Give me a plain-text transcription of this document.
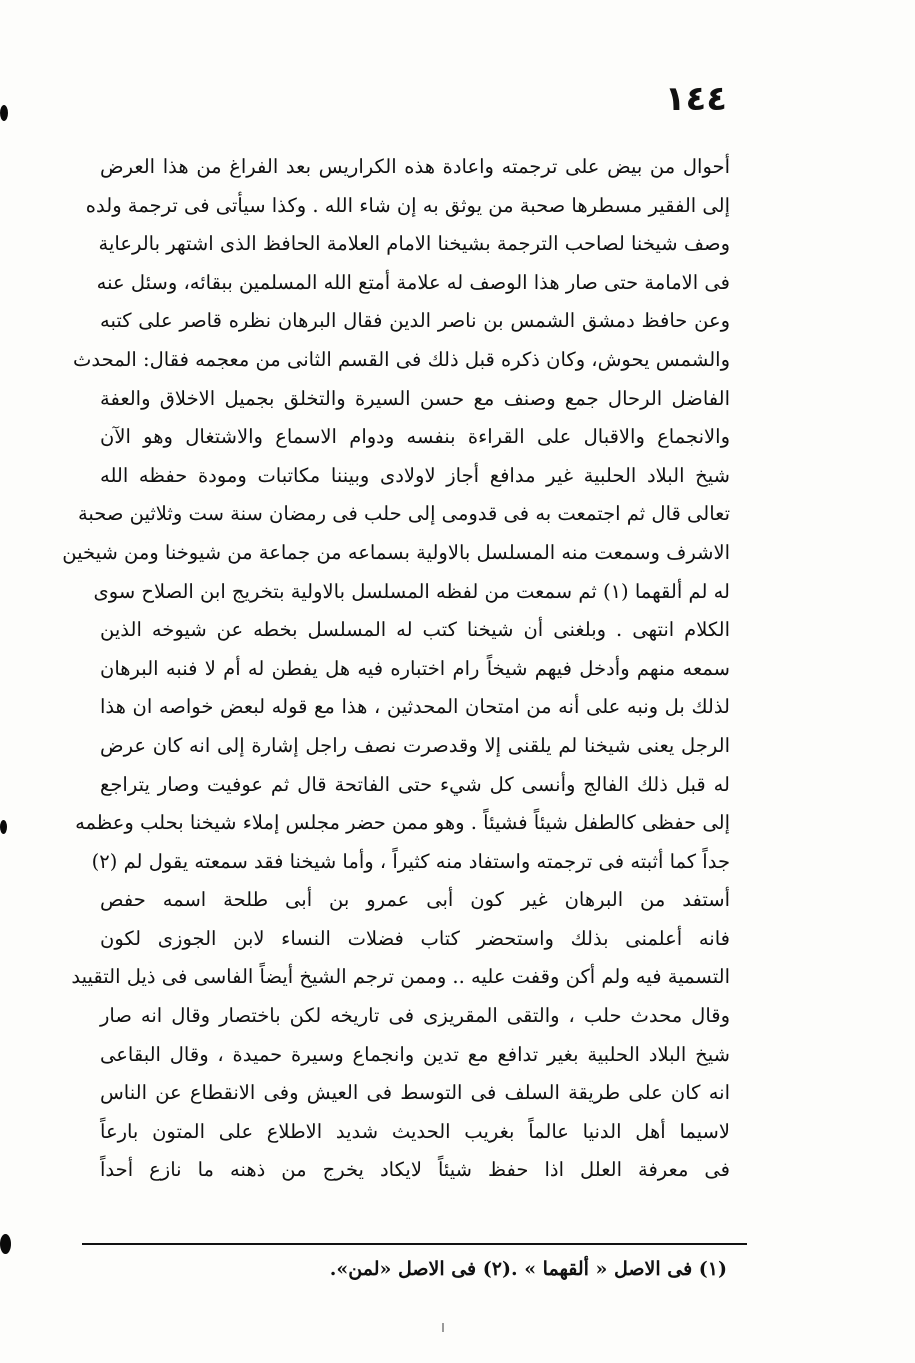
١٤٤
أحوال من بيض على ترجمته واعادة هذه الكراريس بعد الفراغ من هذا العرض
إلى الفقير مسطرها صحبة من يوثق به إن شاء الله . وكذا سيأتى فى ترجمة ولده
وصف شيخنا لصاحب الترجمة بشيخنا الامام العلامة الحافظ الذى اشتهر بالرعاية
فى الامامة حتى صار هذا الوصف له علامة أمتع الله المسلمين ببقائه، وسئل عنه
وعن حافظ دمشق الشمس بن ناصر الدين فقال البرهان نظره قاصر على كتبه
والشمس يحوش، وكان ذكره قبل ذلك فى القسم الثانى من معجمه فقال: المحدث
الفاضل الرحال جمع وصنف مع حسن السيرة والتخلق بجميل الاخلاق والعفة
والانجماع والاقبال على القراءة بنفسه ودوام الاسماع والاشتغال وهو الآن
شيخ البلاد الحلبية غير مدافع أجاز لاولادى وبيننا مكاتبات ومودة حفظه الله
تعالى قال ثم اجتمعت به فى قدومى إلى حلب فى رمضان سنة ست وثلاثين صحبة
الاشرف وسمعت منه المسلسل بالاولية بسماعه من جماعة من شيوخنا ومن شيخين
له لم ألقهما (١) ثم سمعت من لفظه المسلسل بالاولية بتخريج ابن الصلاح سوى
الكلام انتهى . وبلغنى أن شيخنا كتب له المسلسل بخطه عن شيوخه الذين
سمعه منهم وأدخل فيهم شيخاً رام اختباره فيه هل يفطن له أم لا فنبه البرهان
لذلك بل ونبه على أنه من امتحان المحدثين ، هذا مع قوله لبعض خواصه ان هذا
الرجل يعنى شيخنا لم يلقنى إلا وقدصرت نصف راجل إشارة إلى انه كان عرض
له قبل ذلك الفالج وأنسى كل شيء حتى الفاتحة قال ثم عوفيت وصار يتراجع
إلى حفظى كالطفل شيئاً فشيئاً . وهو ممن حضر مجلس إملاء شيخنا بحلب وعظمه
جداً كما أثبته فى ترجمته واستفاد منه كثيراً ، وأما شيخنا فقد سمعته يقول لم (٢)
أستفد من البرهان غير كون أبى عمرو بن أبى طلحة اسمه حفص
فانه أعلمنى بذلك واستحضر كتاب فضلات النساء لابن الجوزى لكون
التسمية فيه ولم أكن وقفت عليه .. وممن ترجم الشيخ أيضاً الفاسى فى ذيل التقييد
وقال محدث حلب ، والتقى المقريزى فى تاريخه لكن باختصار وقال انه صار
شيخ البلاد الحلبية بغير تدافع مع تدين وانجماع وسيرة حميدة ، وقال البقاعى
انه كان على طريقة السلف فى التوسط فى العيش وفى الانقطاع عن الناس
لاسيما أهل الدنيا عالماً بغريب الحديث شديد الاطلاع على المتون بارعاً
فى معرفة العلل اذا حفظ شيئاً لايكاد يخرج من ذهنه ما نازع أحداً
(١) فى الاصل « ألقهما » .(٢) فى الاصل «لمن».
